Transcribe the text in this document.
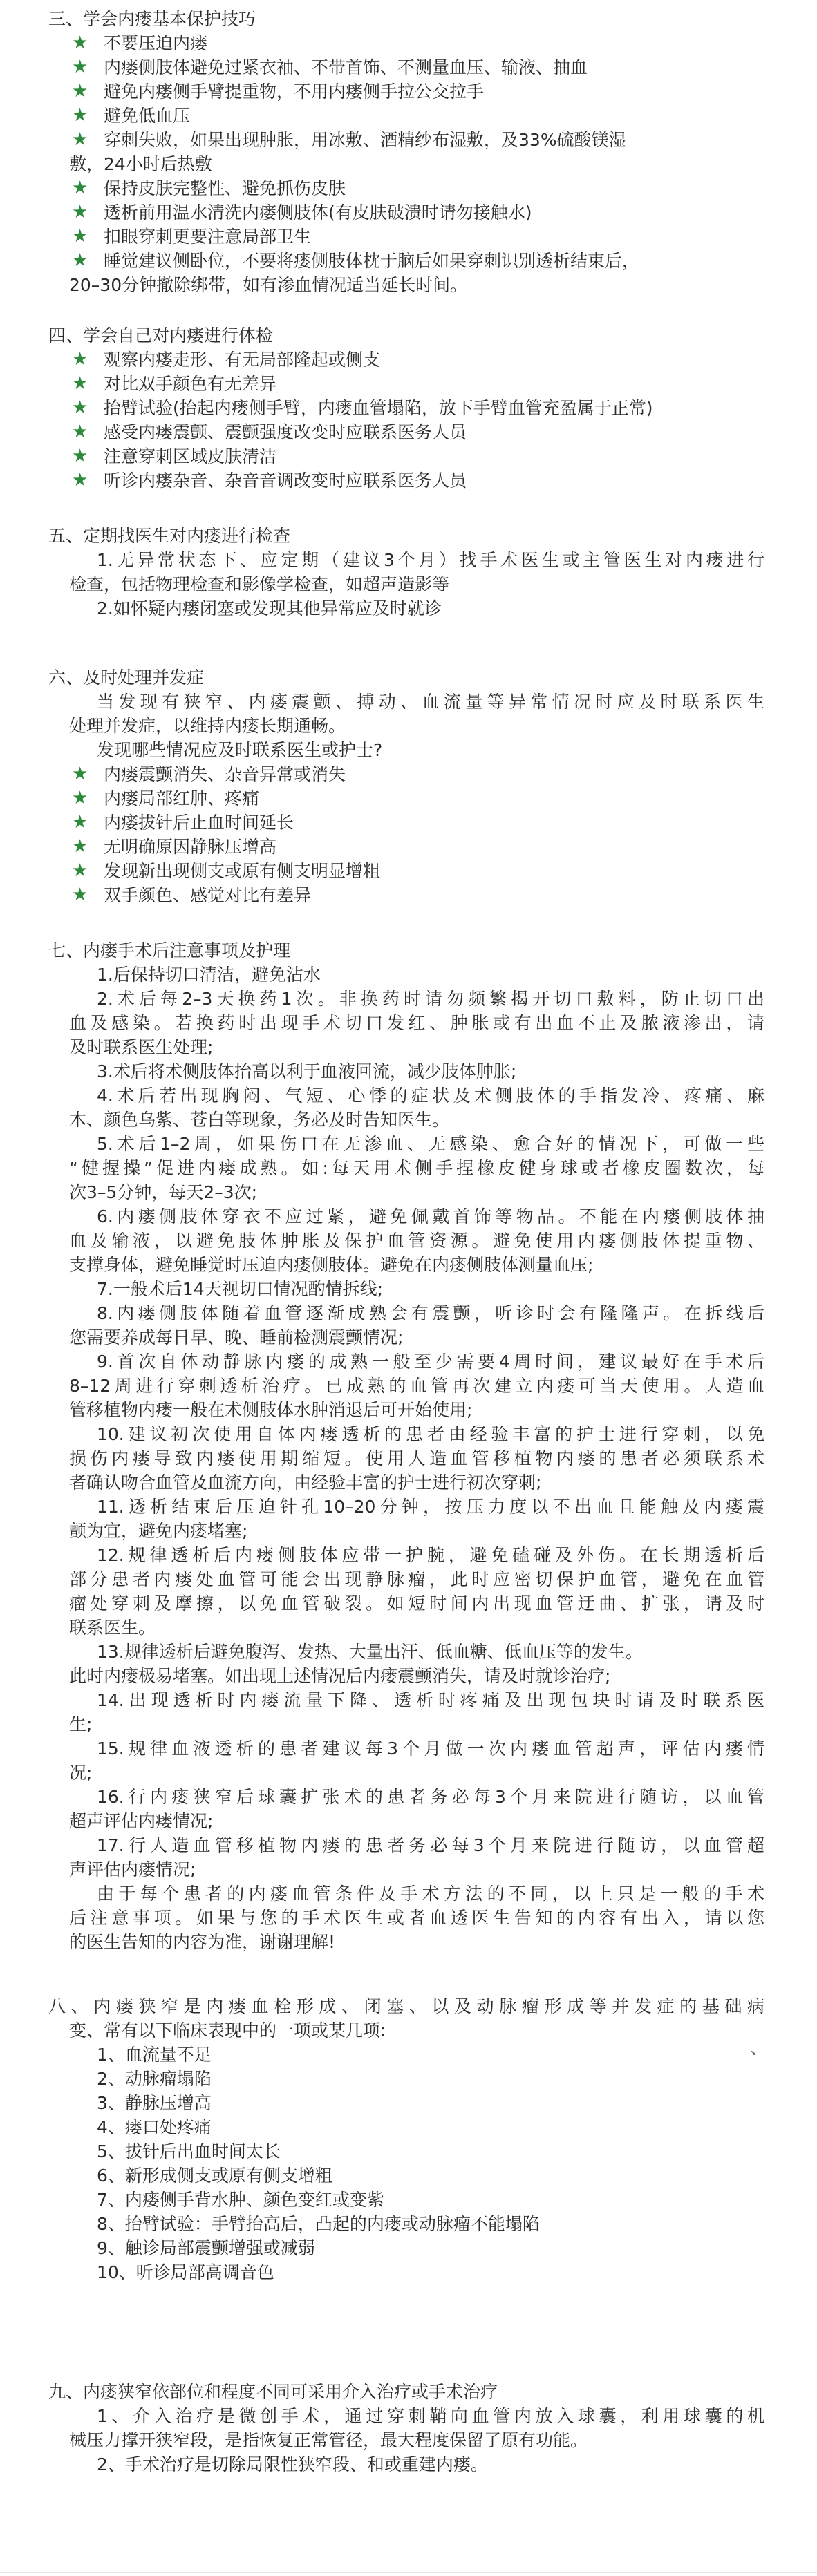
三、学会内瘘基本保护技巧
★ 不要压迫内瘘
★ 内瘘侧肢体避免过紧衣袖、不带首饰、不测量血压、输液、抽血
★ 避免内瘘侧手臂提重物，不用内瘘侧手拉公交拉手
★ 避免低血压
★ 穿刺失败，如果出现肿胀，用冰敷、酒精纱布湿敷，及33%硫酸镁湿
敷，24小时后热敷
★ 保持皮肤完整性、避免抓伤皮肤
★ 透析前用温水清洗内瘘侧肢体(有皮肤破溃时请勿接触水)
★ 扣眼穿刺更要注意局部卫生
★ 睡觉建议侧卧位，不要将瘘侧肢体枕于脑后如果穿刺识别透析结束后，
20–30分钟撤除绑带，如有渗血情况适当延长时间。
四、学会自己对内瘘进行体检
★ 观察内瘘走形、有无局部隆起或侧支
★ 对比双手颜色有无差异
★ 抬臂试验(抬起内瘘侧手臂，内瘘血管塌陷，放下手臂血管充盈属于正常)
★ 感受内瘘震颤、震颤强度改变时应联系医务人员
★ 注意穿刺区域皮肤清洁
★ 听诊内瘘杂音、杂音音调改变时应联系医务人员
五、定期找医生对内瘘进行检查
1.无异常状态下、应定期（建议3个月）找手术医生或主管医生对内瘘进行
检查，包括物理检查和影像学检查，如超声造影等
2.如怀疑内瘘闭塞或发现其他异常应及时就诊
六、及时处理并发症
当发现有狭窄、内瘘震颤、搏动、血流量等异常情况时应及时联系医生
处理并发症，以维持内瘘长期通畅。
发现哪些情况应及时联系医生或护士?
★ 内瘘震颤消失、杂音异常或消失
★ 内瘘局部红肿、疼痛
★ 内瘘拔针后止血时间延长
★ 无明确原因静脉压增高
★ 发现新出现侧支或原有侧支明显增粗
★ 双手颜色、感觉对比有差异
七、内瘘手术后注意事项及护理
1.后保持切口清洁，避免沾水
2.术后每2–3天换药1次。非换药时请勿频繁揭开切口敷料，防止切口出
血及感染。若换药时出现手术切口发红、肿胀或有出血不止及脓液渗出，请
及时联系医生处理;
3.术后将术侧肢体抬高以利于血液回流，减少肢体肿胀;
4.术后若出现胸闷、气短、心悸的症状及术侧肢体的手指发冷、疼痛、麻
木、颜色乌紫、苍白等现象，务必及时告知医生。
5.术后1–2周，如果伤口在无渗血、无感染、愈合好的情况下，可做一些
“健握操”促进内瘘成熟。如:每天用术侧手捏橡皮健身球或者橡皮圈数次，每
次3–5分钟，每天2–3次;
6.内瘘侧肢体穿衣不应过紧，避免佩戴首饰等物品。不能在内瘘侧肢体抽
血及输液，以避免肢体肿胀及保护血管资源。避免使用内瘘侧肢体提重物、
支撑身体，避免睡觉时压迫内瘘侧肢体。避免在内瘘侧肢体测量血压;
7.一般术后14天视切口情况酌情拆线;
8.内瘘侧肢体随着血管逐渐成熟会有震颤，听诊时会有隆隆声。在拆线后
您需要养成每日早、晚、睡前检测震颤情况;
9.首次自体动静脉内瘘的成熟一般至少需要4周时间，建议最好在手术后
8–12周进行穿刺透析治疗。已成熟的血管再次建立内瘘可当天使用。人造血
管移植物内瘘一般在术侧肢体水肿消退后可开始使用;
10.建议初次使用自体内瘘透析的患者由经验丰富的护士进行穿刺，以免
损伤内瘘导致内瘘使用期缩短。使用人造血管移植物内瘘的患者必须联系术
者确认吻合血管及血流方向，由经验丰富的护士进行初次穿刺;
11.透析结束后压迫针孔10–20分钟，按压力度以不出血且能触及内瘘震
颤为宜，避免内瘘堵塞;
12.规律透析后内瘘侧肢体应带一护腕，避免磕碰及外伤。在长期透析后
部分患者内瘘处血管可能会出现静脉瘤，此时应密切保护血管，避免在血管
瘤处穿刺及摩擦，以免血管破裂。如短时间内出现血管迂曲、扩张，请及时
联系医生。
13.规律透析后避免腹泻、发热、大量出汗、低血糖、低血压等的发生。
此时内瘘极易堵塞。如出现上述情况后内瘘震颤消失，请及时就诊治疗;
14.出现透析时内瘘流量下降、透析时疼痛及出现包块时请及时联系医
生;
15.规律血液透析的患者建议每3个月做一次内瘘血管超声，评估内瘘情
况;
16.行内瘘狭窄后球囊扩张术的患者务必每3个月来院进行随访，以血管
超声评估内瘘情况;
17.行人造血管移植物内瘘的患者务必每3个月来院进行随访，以血管超
声评估内瘘情况;
由于每个患者的内瘘血管条件及手术方法的不同，以上只是一般的手术
后注意事项。如果与您的手术医生或者血透医生告知的内容有出入，请以您
的医生告知的内容为准，谢谢理解!
八、内瘘狭窄是内瘘血栓形成、闭塞、以及动脉瘤形成等并发症的基础病
变、常有以下临床表现中的一项或某几项:
1、血流量不足	、
2、动脉瘤塌陷
3、静脉压增高
4、瘘口处疼痛
5、拔针后出血时间太长
6、新形成侧支或原有侧支增粗
7、内瘘侧手背水肿、颜色变红或变紫
8、抬臂试验：手臂抬高后，凸起的内瘘或动脉瘤不能塌陷
9、触诊局部震颤增强或减弱
10、听诊局部高调音色
九、内瘘狭窄依部位和程度不同可采用介入治疗或手术治疗
1、介入治疗是微创手术，通过穿刺鞘向血管内放入球囊，利用球囊的机
械压力撑开狭窄段，是指恢复正常管径，最大程度保留了原有功能。
2、手术治疗是切除局限性狭窄段、和或重建内瘘。
